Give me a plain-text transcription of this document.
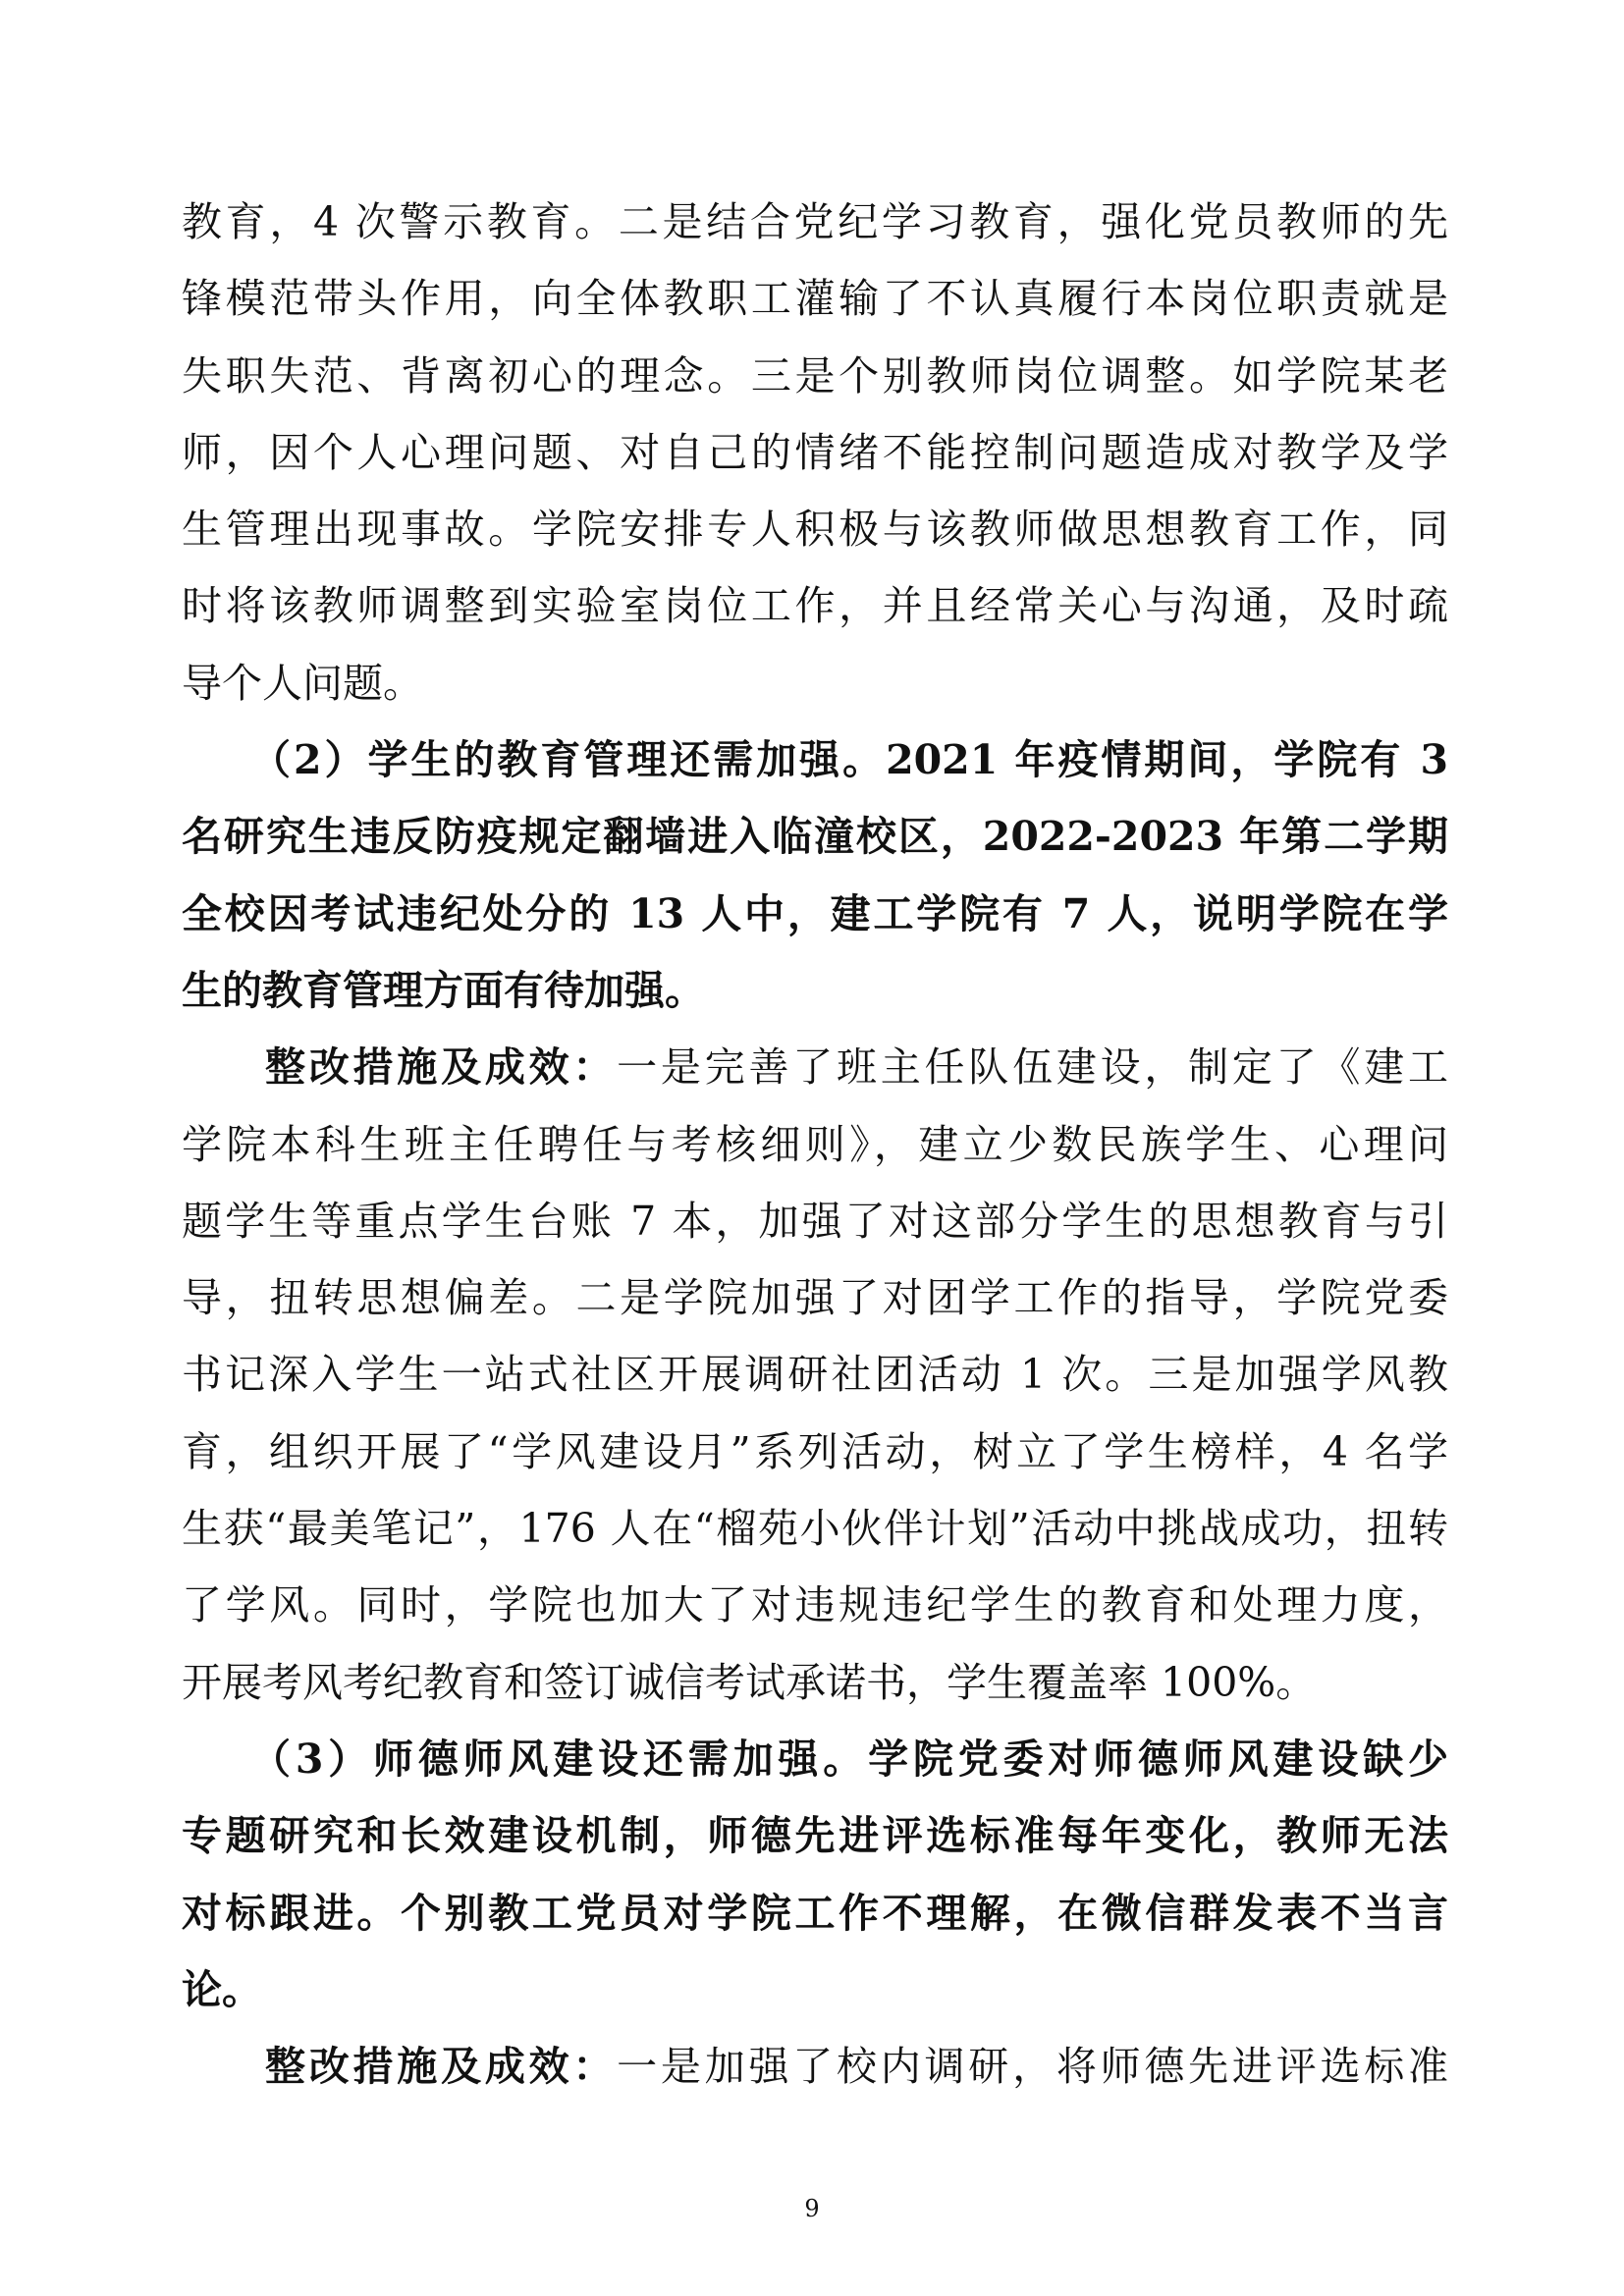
教育，4 次警示教育。二是结合党纪学习教育，强化党员教师的先
锋模范带头作用，向全体教职工灌输了不认真履行本岗位职责就是
失职失范、背离初心的理念。三是个别教师岗位调整。如学院某老
师，因个人心理问题、对自己的情绪不能控制问题造成对教学及学
生管理出现事故。学院安排专人积极与该教师做思想教育工作，同
时将该教师调整到实验室岗位工作，并且经常关心与沟通，及时疏
导个人问题。
（2）学生的教育管理还需加强。2021 年疫情期间，学院有 3
名研究生违反防疫规定翻墙进入临潼校区，2022-2023 年第二学期
全校因考试违纪处分的 13 人中，建工学院有 7 人，说明学院在学
生的教育管理方面有待加强。
整改措施及成效：一是完善了班主任队伍建设，制定了《建工
学院本科生班主任聘任与考核细则》，建立少数民族学生、心理问
题学生等重点学生台账 7 本，加强了对这部分学生的思想教育与引
导，扭转思想偏差。二是学院加强了对团学工作的指导，学院党委
书记深入学生一站式社区开展调研社团活动 1 次。三是加强学风教
育，组织开展了“学风建设月”系列活动，树立了学生榜样，4 名学
生获“最美笔记”，176 人在“榴苑小伙伴计划”活动中挑战成功，扭转
了学风。同时，学院也加大了对违规违纪学生的教育和处理力度，
开展考风考纪教育和签订诚信考试承诺书，学生覆盖率 100%。
（3）师德师风建设还需加强。学院党委对师德师风建设缺少
专题研究和长效建设机制，师德先进评选标准每年变化，教师无法
对标跟进。个别教工党员对学院工作不理解，在微信群发表不当言
论。
整改措施及成效：一是加强了校内调研，将师德先进评选标准
9
